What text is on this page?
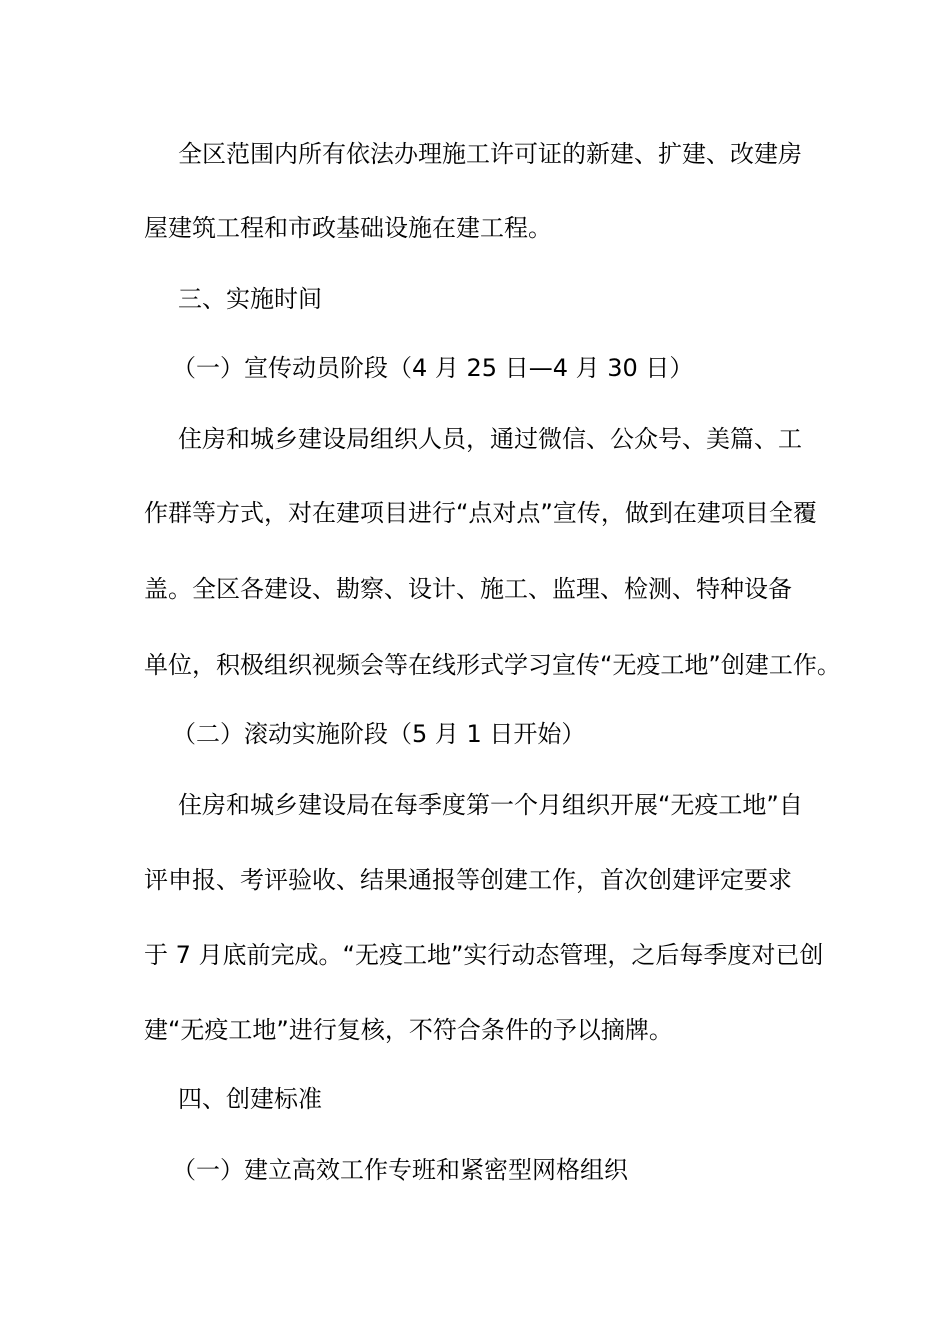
全区范围内所有依法办理施工许可证的新建、扩建、改建房
屋建筑工程和市政基础设施在建工程。
三、实施时间
（一）宣传动员阶段（4 月 25 日—4 月 30 日）
住房和城乡建设局组织人员，通过微信、公众号、美篇、工
作群等方式，对在建项目进行“点对点”宣传，做到在建项目全覆
盖。全区各建设、勘察、设计、施工、监理、检测、特种设备
单位，积极组织视频会等在线形式学习宣传“无疫工地”创建工作。
（二）滚动实施阶段（5 月 1 日开始）
住房和城乡建设局在每季度第一个月组织开展“无疫工地”自
评申报、考评验收、结果通报等创建工作，首次创建评定要求
于 7 月底前完成。“无疫工地”实行动态管理，之后每季度对已创
建“无疫工地”进行复核，不符合条件的予以摘牌。
四、创建标准
（一）建立高效工作专班和紧密型网格组织
